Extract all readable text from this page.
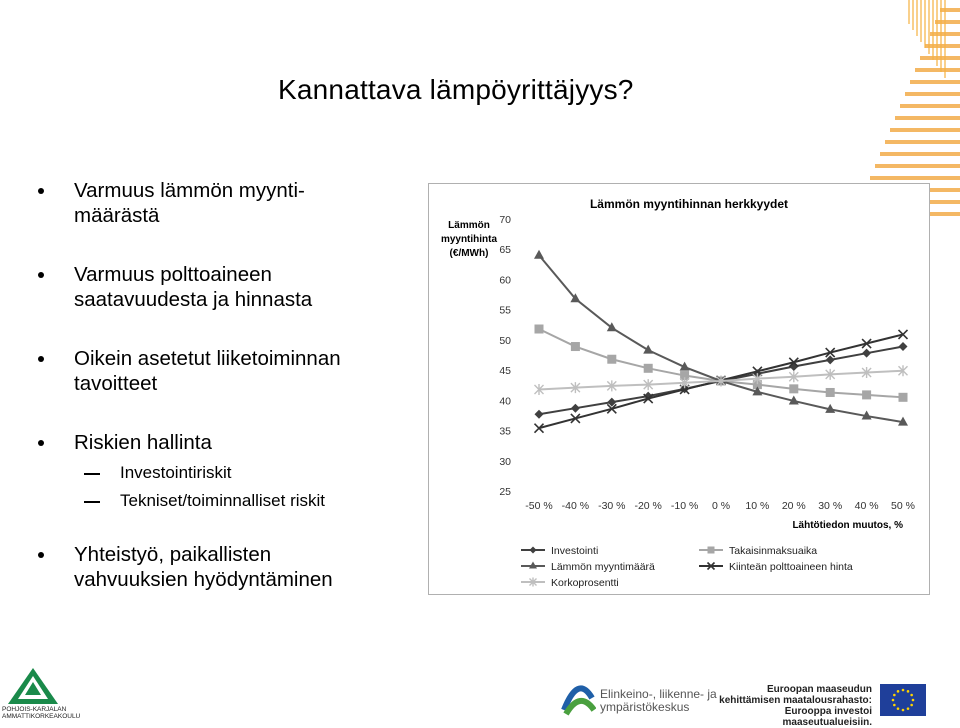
Kannattava lämpöyrittäjyys?
Varmuus lämmön myynti-
määrästä
Varmuus polttoaineen
saatavuudesta ja hinnasta
Oikein asetetut liiketoiminnan
tavoitteet
Riskien hallinta
Investointiriskit
Tekniset/toiminnalliset riskit
Yhteistyö, paikallisten
vahvuuksien hyödyntäminen
Lämmön myyntihinnan herkkyydet
Lämmön
myyntihinta
(€/MWh)
25
30
35
40
45
50
55
60
65
70
-50 % -40 % -30 % -20 % -10 % 0 % 10 % 20 % 30 % 40 % 50 %
Lähtötiedon muutos, %
Investointi	Takaisinmaksuaika
Lämmön myyntimäärä	Kiinteän polttoaineen hinta
Korkoprosentti
POHJOIS-KARJALAN
AMMATTIKORKEAKOULU
Elinkeino-, liikenne- ja
ympäristökeskus
Euroopan maaseudun
kehittämisen maatalousrahasto:
Eurooppa investoi maaseutualueisiin.
